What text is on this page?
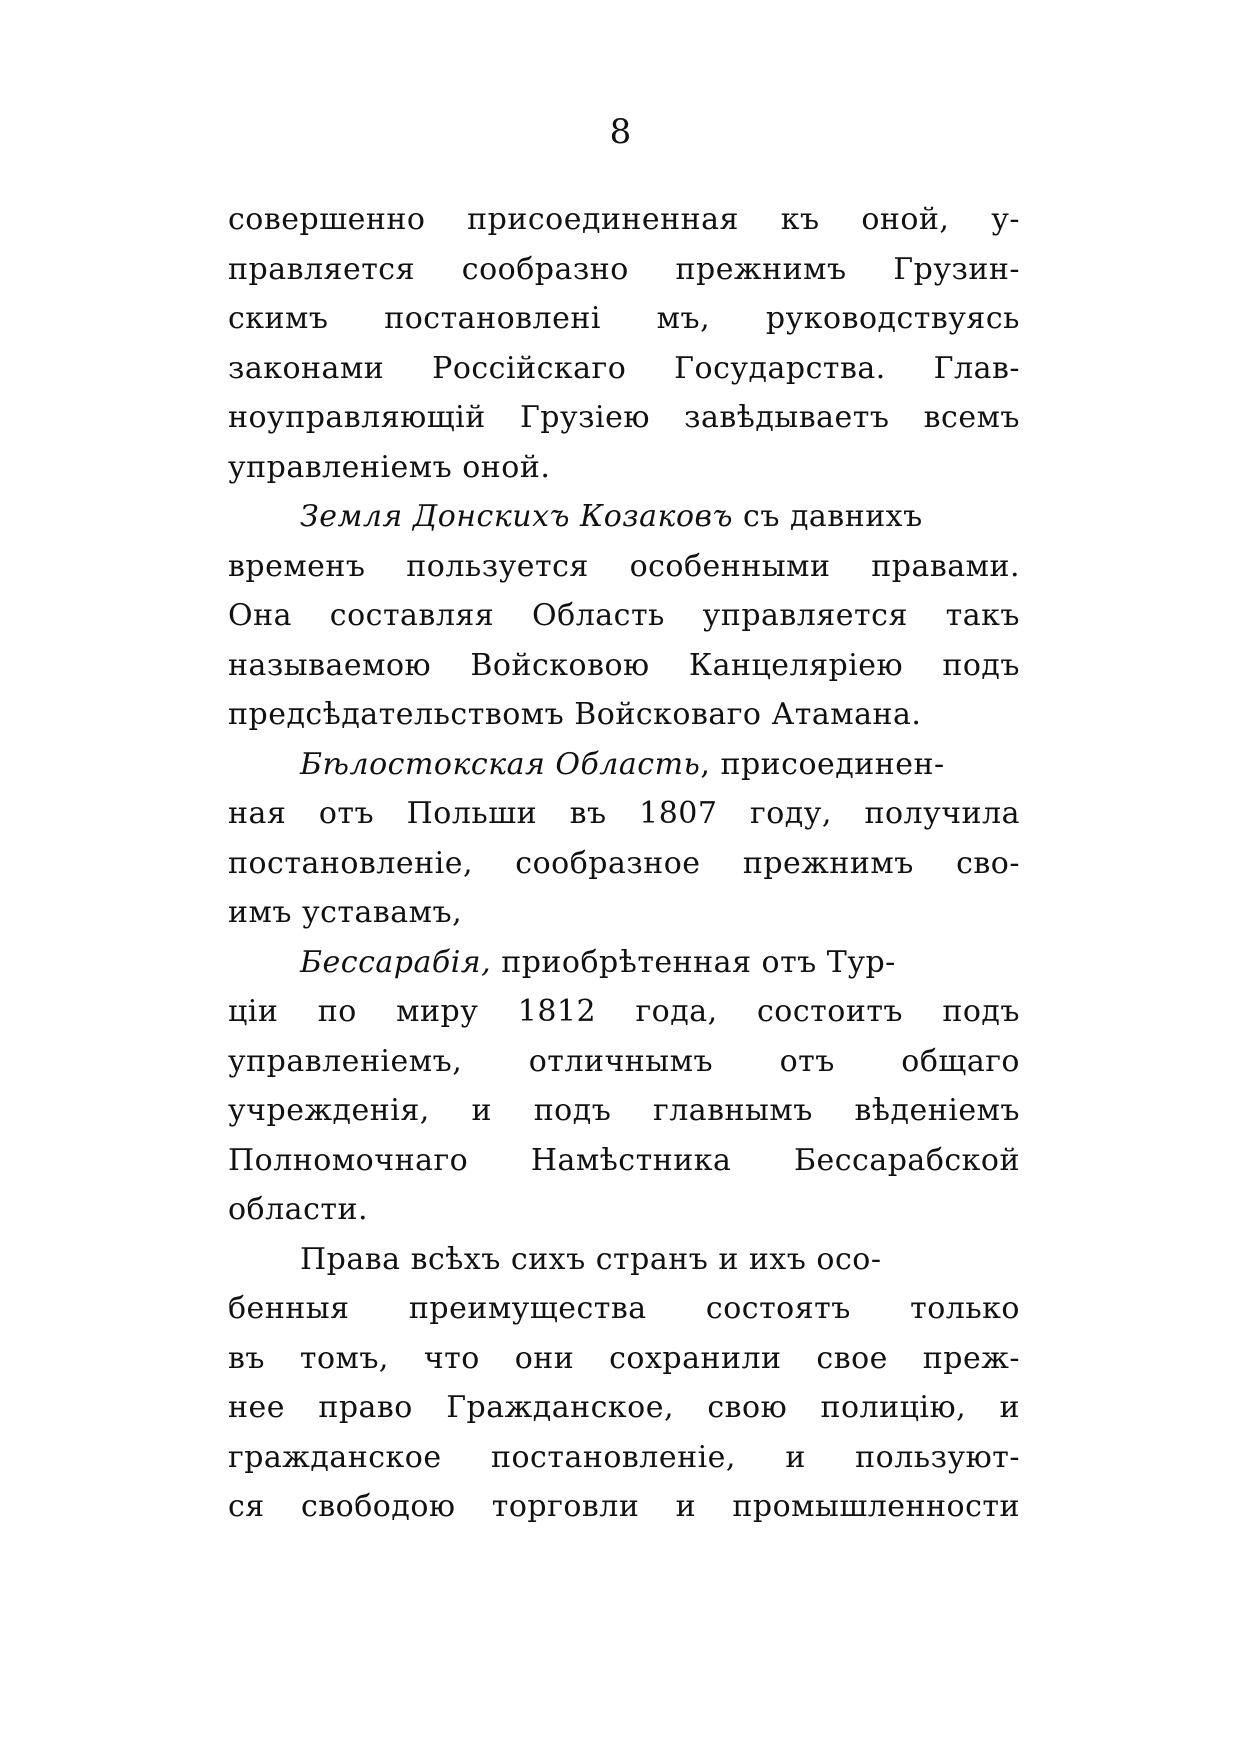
8
совершенно присоединенная къ оной, у-
правляется сообразно прежнимъ Грузин-
скимъ постановлені мъ, руководствуясь
законами Россійскаго Государства. Глав-
ноуправляющій Грузіею завѣдываетъ всемъ
управленіемъ оной.
Земля Донскихъ Козаковъ съ давнихъ
временъ пользуется особенными правами.
Она составляя Область управляется такъ
называемою Войсковою Канцеляріею подъ
предсѣдательствомъ Войсковаго Атамана.
Бѣлостокская Область, присоединен-
ная отъ Польши въ 1807 году, получила
постановленіе, сообразное прежнимъ сво-
имъ уставамъ,
Бессарабія, приобрѣтенная отъ Тур-
ціи по миру 1812 года, состоитъ подъ
управленіемъ, отличнымъ отъ общаго
учрежденія, и подъ главнымъ вѣденіемъ
Полномочнаго Намѣстника Бессарабской
области.
Права всѣхъ сихъ странъ и ихъ осо-
бенныя преимущества состоятъ только
въ томъ, что они сохранили свое преж-
нее право Гражданское, свою полицію, и
гражданское постановленіе, и пользуют-
ся свободою торговли и промышленности
